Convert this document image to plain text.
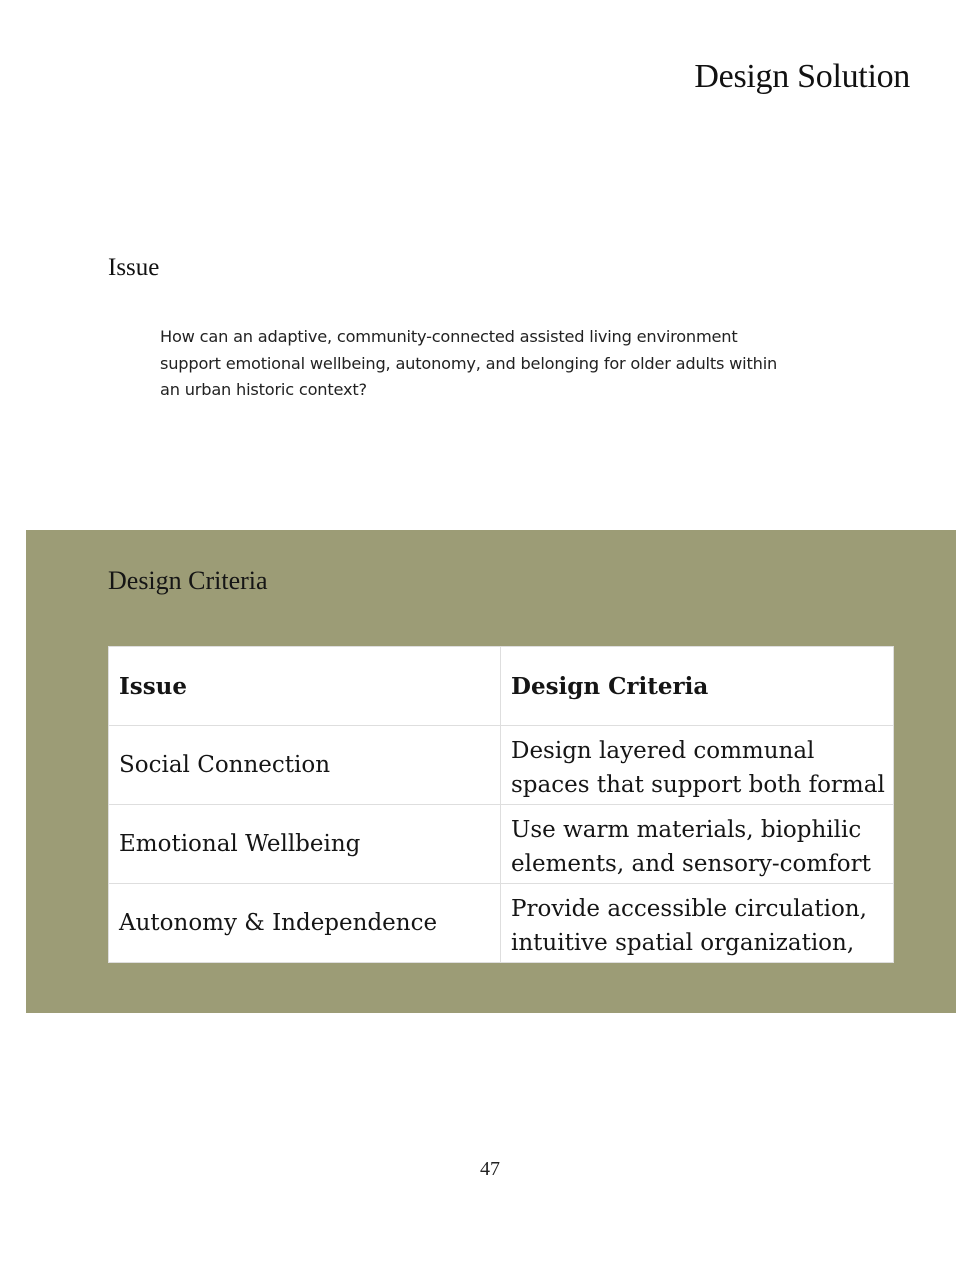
Design Solution
Issue

How can an adaptive, community-connected assisted living environment support emotional wellbeing, autonomy, and belonging for older adults within an urban historic context?

Design Criteria
Issue	Design Criteria
Social Connection	Design layered communal spaces that support both formal

Emotional Wellbeing	Use warm materials, biophilic elements, and sensory-comfort

Autonomy & Independence	Provide accessible circulation, intuitive spatial organization,
47
